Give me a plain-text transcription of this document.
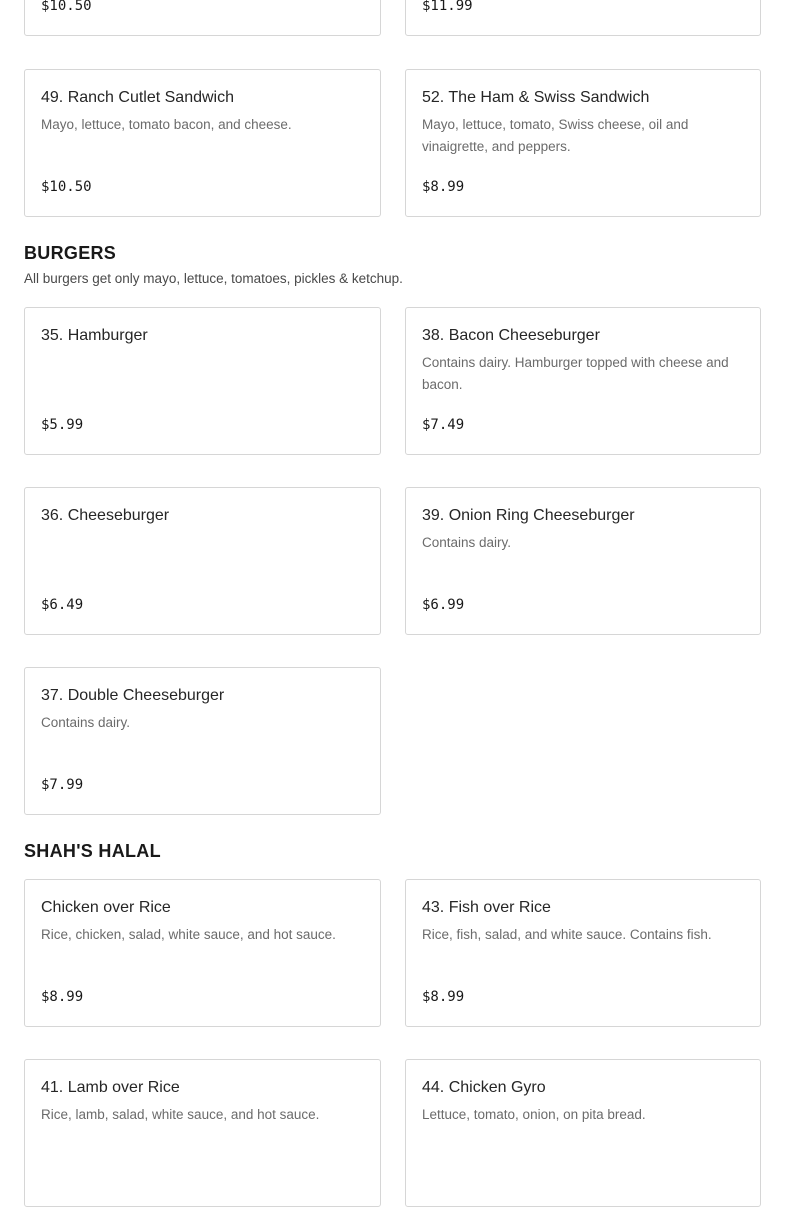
$10.50	$11.99
49. Ranch Cutlet Sandwich
Mayo, lettuce, tomato bacon, and cheese.
$10.50
52. The Ham & Swiss Sandwich
Mayo, lettuce, tomato, Swiss cheese, oil and vinaigrette, and peppers.
$8.99
BURGERS

All burgers get only mayo, lettuce, tomatoes, pickles & ketchup.

35. Hamburger
$5.99
38. Bacon Cheeseburger
Contains dairy. Hamburger topped with cheese and bacon.
$7.49
36. Cheeseburger
$6.49
39. Onion Ring Cheeseburger
Contains dairy.
$6.99
37. Double Cheeseburger
Contains dairy.
$7.99
SHAH'S HALAL
Chicken over Rice
Rice, chicken, salad, white sauce, and hot sauce.
$8.99
43. Fish over Rice
Rice, fish, salad, and white sauce. Contains fish.
$8.99
41. Lamb over Rice
Rice, lamb, salad, white sauce, and hot sauce.
44. Chicken Gyro
Lettuce, tomato, onion, on pita bread.
